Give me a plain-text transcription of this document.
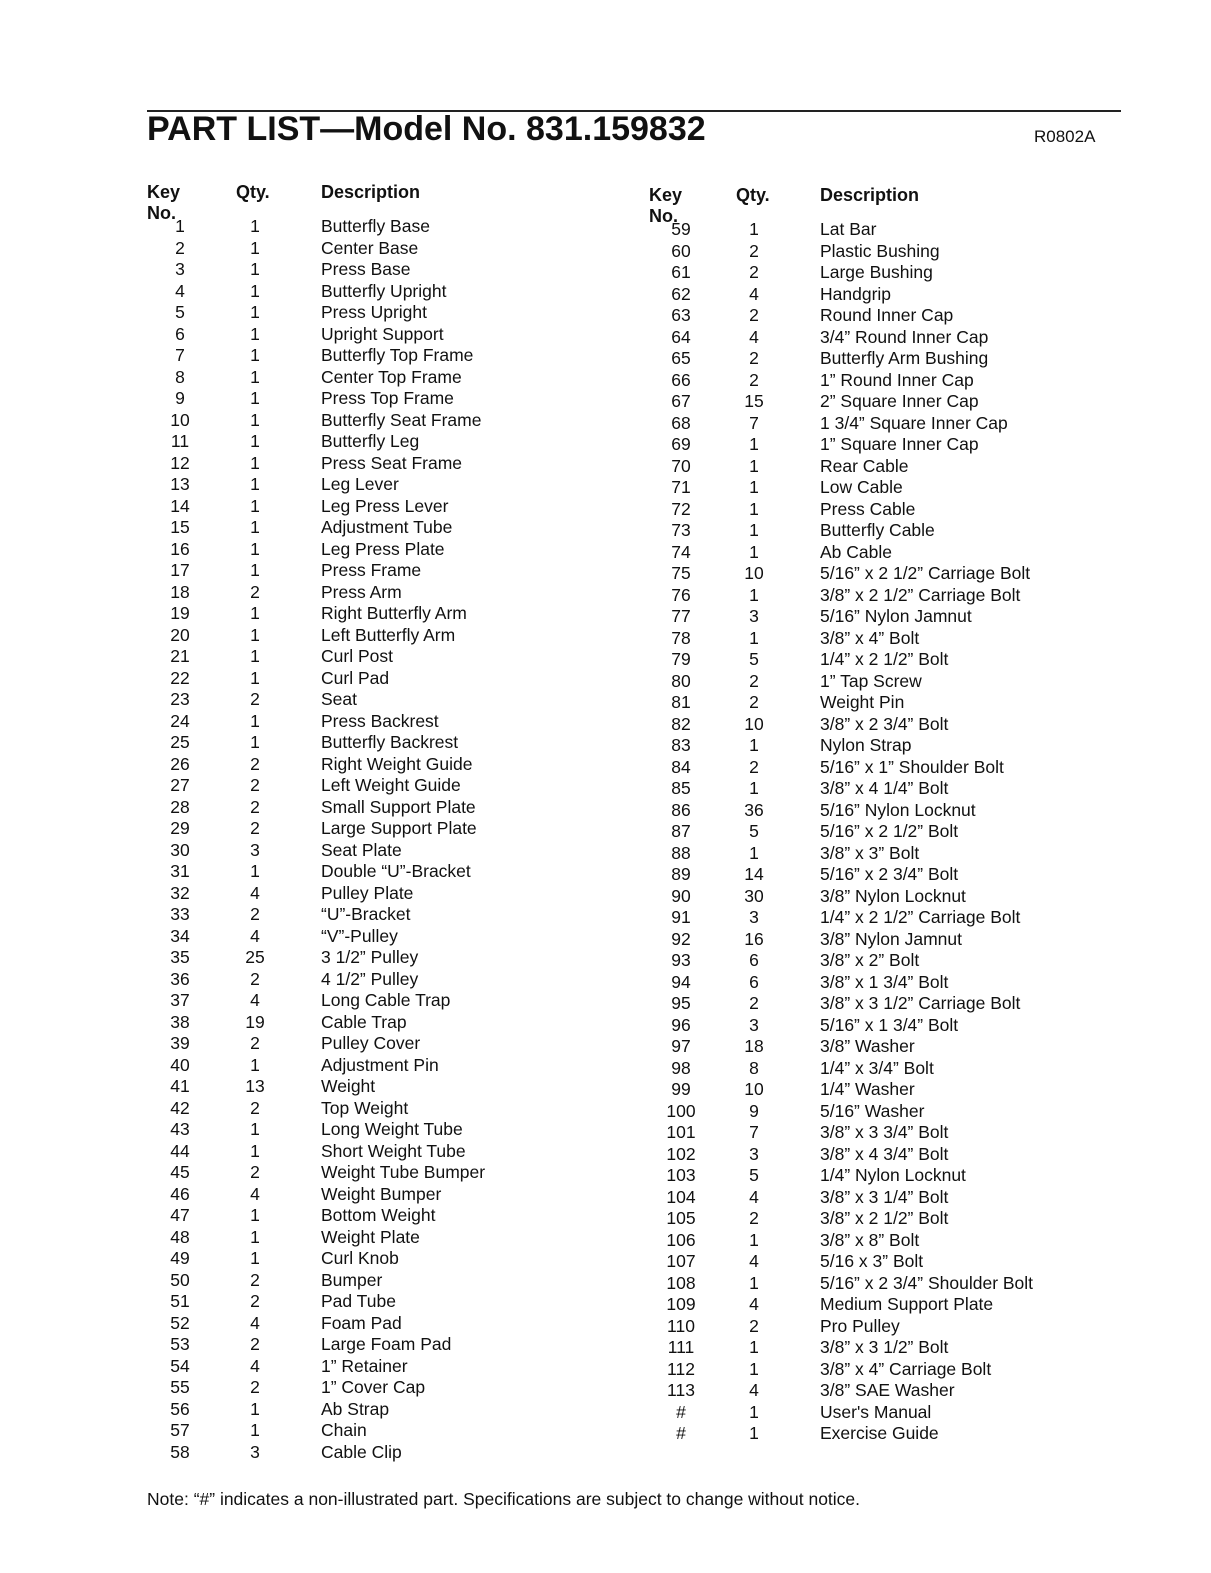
PART LIST—Model No. 831.159832	R0802A
Key No.
Qty.	Description
1	1	Butterfly Base
2	1	Center Base
3	1	Press Base
4	1	Butterfly Upright
5	1	Press Upright
6	1	Upright Support
7	1	Butterfly Top Frame
8	1	Center Top Frame
9	1	Press Top Frame
10	1	Butterfly Seat Frame
11	1	Butterfly Leg
12	1	Press Seat Frame
13	1	Leg Lever
14	1	Leg Press Lever
15	1	Adjustment Tube
16	1	Leg Press Plate
17	1	Press Frame
18	2	Press Arm
19	1	Right Butterfly Arm
20	1	Left Butterfly Arm
21	1	Curl Post
22	1	Curl Pad
23	2	Seat
24	1	Press Backrest
25	1	Butterfly Backrest
26	2	Right Weight Guide
27	2	Left Weight Guide
28	2	Small Support Plate
29	2	Large Support Plate
30	3	Seat Plate
31	1	Double “U”-Bracket
32	4	Pulley Plate
33	2	“U”-Bracket
34	4	“V”-Pulley
35	25	3 1/2” Pulley
36	2	4 1/2” Pulley
37	4	Long Cable Trap
38	19	Cable Trap
39	2	Pulley Cover
40	1	Adjustment Pin
41	13	Weight
42	2	Top Weight
43	1	Long Weight Tube
44	1	Short Weight Tube
45	2	Weight Tube Bumper
46	4	Weight Bumper
47	1	Bottom Weight
48	1	Weight Plate
49	1	Curl Knob
50	2	Bumper
51	2	Pad Tube
52	4	Foam Pad
53	2	Large Foam Pad
54	4	1” Retainer
55	2	1” Cover Cap
56	1	Ab Strap
57	1	Chain
58	3	Cable Clip
Key No.
Qty.	Description
59	1	Lat Bar
60	2	Plastic Bushing
61	2	Large Bushing
62	4	Handgrip
63	2	Round Inner Cap
64	4	3/4” Round Inner Cap
65	2	Butterfly Arm Bushing
66	2	1” Round Inner Cap
67	15	2” Square Inner Cap
68	7	1 3/4” Square Inner Cap
69	1	1” Square Inner Cap
70	1	Rear Cable
71	1	Low Cable
72	1	Press Cable
73	1	Butterfly Cable
74	1	Ab Cable
75	10	5/16” x 2 1/2” Carriage Bolt
76	1	3/8” x 2 1/2” Carriage Bolt
77	3	5/16” Nylon Jamnut
78	1	3/8” x 4” Bolt
79	5	1/4” x 2 1/2” Bolt
80	2	1” Tap Screw
81	2	Weight Pin
82	10	3/8” x 2 3/4” Bolt
83	1	Nylon Strap
84	2	5/16” x 1” Shoulder Bolt
85	1	3/8” x 4 1/4” Bolt
86	36	5/16” Nylon Locknut
87	5	5/16” x 2 1/2” Bolt
88	1	3/8” x 3” Bolt
89	14	5/16” x 2 3/4” Bolt
90	30	3/8” Nylon Locknut
91	3	1/4” x 2 1/2” Carriage Bolt
92	16	3/8” Nylon Jamnut
93	6	3/8” x 2” Bolt
94	6	3/8” x 1 3/4” Bolt
95	2	3/8” x 3 1/2” Carriage Bolt
96	3	5/16” x 1 3/4” Bolt
97	18	3/8” Washer
98	8	1/4” x 3/4” Bolt
99	10	1/4” Washer
100	9	5/16” Washer
101	7	3/8” x 3 3/4” Bolt
102	3	3/8” x 4 3/4” Bolt
103	5	1/4” Nylon Locknut
104	4	3/8” x 3 1/4” Bolt
105	2	3/8” x 2 1/2” Bolt
106	1	3/8” x 8” Bolt
107	4	5/16 x 3” Bolt
108	1	5/16” x 2 3/4” Shoulder Bolt
109	4	Medium Support Plate
110	2	Pro Pulley
111	1	3/8” x 3 1/2” Bolt
112	1	3/8” x 4” Carriage Bolt
113	4	3/8” SAE Washer
#	1	User's Manual
#	1	Exercise Guide
Note: “#” indicates a non-illustrated part. Specifications are subject to change without notice.
